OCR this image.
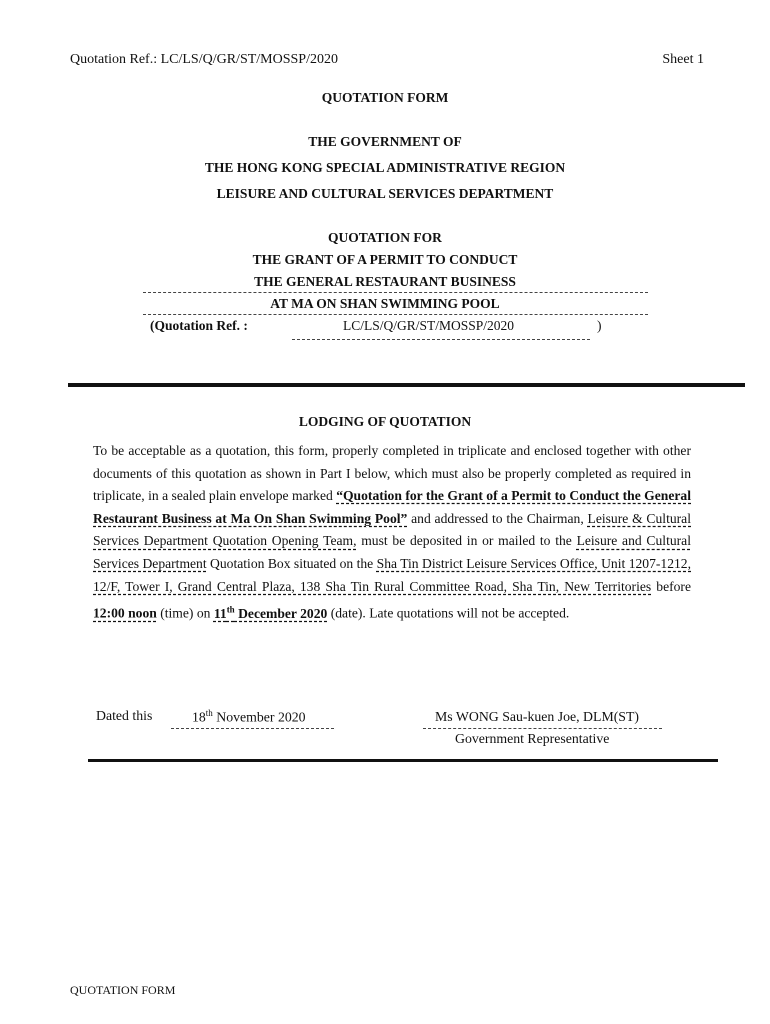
Quotation Ref.: LC/LS/Q/GR/ST/MOSSP/2020	Sheet 1
QUOTATION FORM
THE GOVERNMENT OF
THE HONG KONG SPECIAL ADMINISTRATIVE REGION
LEISURE AND CULTURAL SERVICES DEPARTMENT
QUOTATION FOR
THE GRANT OF A PERMIT TO CONDUCT
THE GENERAL RESTAURANT BUSINESS
AT MA ON SHAN SWIMMING POOL
(Quotation Ref. :	LC/LS/Q/GR/ST/MOSSP/2020	)
LODGING OF QUOTATION
To be acceptable as a quotation, this form, properly completed in triplicate and enclosed together with other documents of this quotation as shown in Part I below, which must also be properly completed as required in triplicate, in a sealed plain envelope marked “Quotation for the Grant of a Permit to Conduct the General Restaurant Business at Ma On Shan Swimming Pool” and addressed to the Chairman, Leisure & Cultural Services Department Quotation Opening Team, must be deposited in or mailed to the Leisure and Cultural Services Department Quotation Box situated on the Sha Tin District Leisure Services Office, Unit 1207-1212, 12/F, Tower I, Grand Central Plaza, 138 Sha Tin Rural Committee Road, Sha Tin, New Territories before 12:00 noon (time) on 11th December 2020 (date). Late quotations will not be accepted.
Dated this	18th November 2020	Ms WONG Sau-kuen Joe, DLM(ST)
Government Representative
QUOTATION FORM
